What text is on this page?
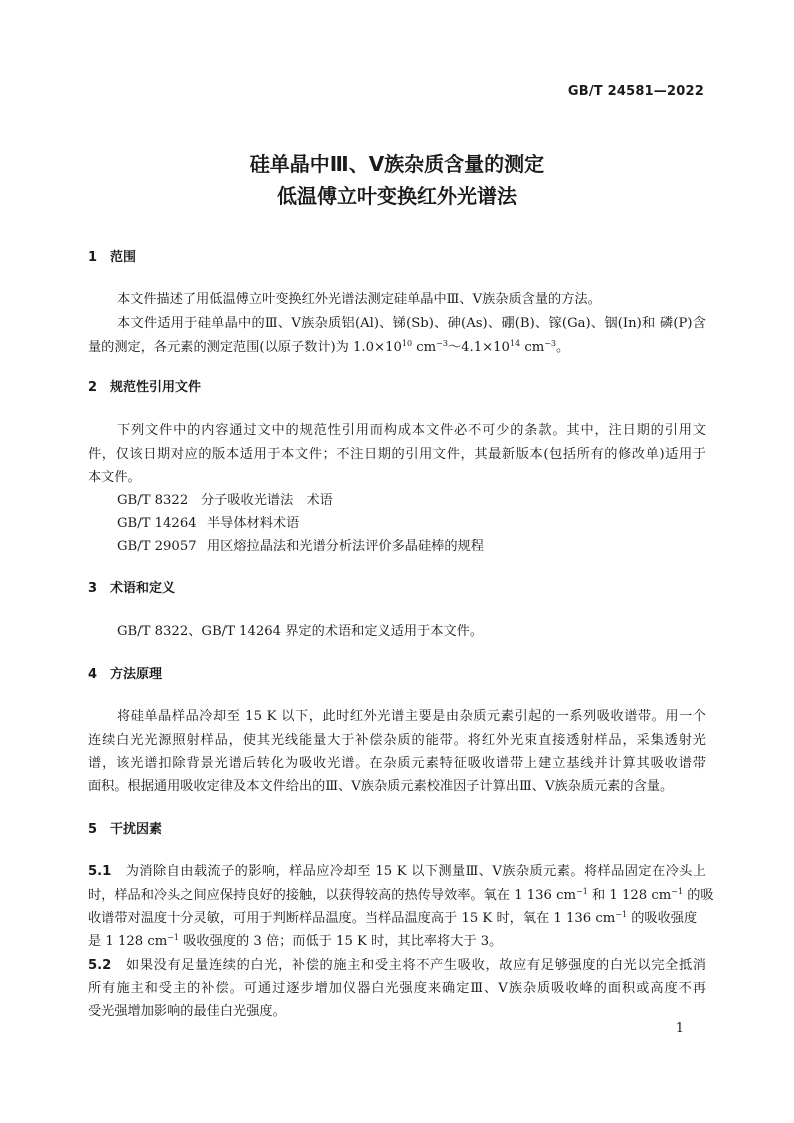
GB/T 24581—2022
硅单晶中Ⅲ、Ⅴ族杂质含量的测定
低温傅立叶变换红外光谱法
1 范围
本文件描述了用低温傅立叶变换红外光谱法测定硅单晶中Ⅲ、Ⅴ族杂质含量的方法。
本文件适用于硅单晶中的Ⅲ、Ⅴ族杂质铝(Al)、锑(Sb)、砷(As)、硼(B)、镓(Ga)、铟(In)和 磷(P)含
量的测定，各元素的测定范围(以原子数计)为 $1.0\times 10^{10}$ $cm^{-3}\sim 4.1\times 10^{14}$ $cm^{-3}$。
2 规范性引用文件
下列文件中的内容通过文中的规范性引用而构成本文件必不可少的条款。其中，注日期的引用文
件，仅该日期对应的版本适用于本文件；不注日期的引用文件，其最新版本(包括所有的修改单)适用于
本文件。
GB/T 8322 分子吸收光谱法　术语
GB/T 14264 半导体材料术语
GB/T 29057 用区熔拉晶法和光谱分析法评价多晶硅棒的规程
3 术语和定义
GB/T 8322、GB/T 14264 界定的术语和定义适用于本文件。
4 方法原理
将硅单晶样品冷却至 15 K 以下，此时红外光谱主要是由杂质元素引起的一系列吸收谱带。用一个
连续白光光源照射样品，使其光线能量大于补偿杂质的能带。将红外光束直接透射样品，采集透射光
谱，该光谱扣除背景光谱后转化为吸收光谱。在杂质元素特征吸收谱带上建立基线并计算其吸收谱带
面积。根据通用吸收定律及本文件给出的Ⅲ、Ⅴ族杂质元素校准因子计算出Ⅲ、Ⅴ族杂质元素的含量。
5 干扰因素
5.1 为消除自由载流子的影响，样品应冷却至 15 K 以下测量Ⅲ、Ⅴ族杂质元素。将样品固定在冷头上
时，样品和冷头之间应保持良好的接触，以获得较高的热传导效率。氧在 1 136 $cm^{-1}$ 和 1 128 $cm^{-1}$ 的吸
收谱带对温度十分灵敏，可用于判断样品温度。当样品温度高于 15 K 时，氧在 1 136 $cm^{-1}$ 的吸收强度
是 1 128 $cm^{-1}$ 吸收强度的 3 倍；而低于 15 K 时，其比率将大于 3。
5.2 如果没有足量连续的白光，补偿的施主和受主将不产生吸收，故应有足够强度的白光以完全抵消
所有施主和受主的补偿。可通过逐步增加仪器白光强度来确定Ⅲ、Ⅴ族杂质吸收峰的面积或高度不再
受光强增加影响的最佳白光强度。
1
